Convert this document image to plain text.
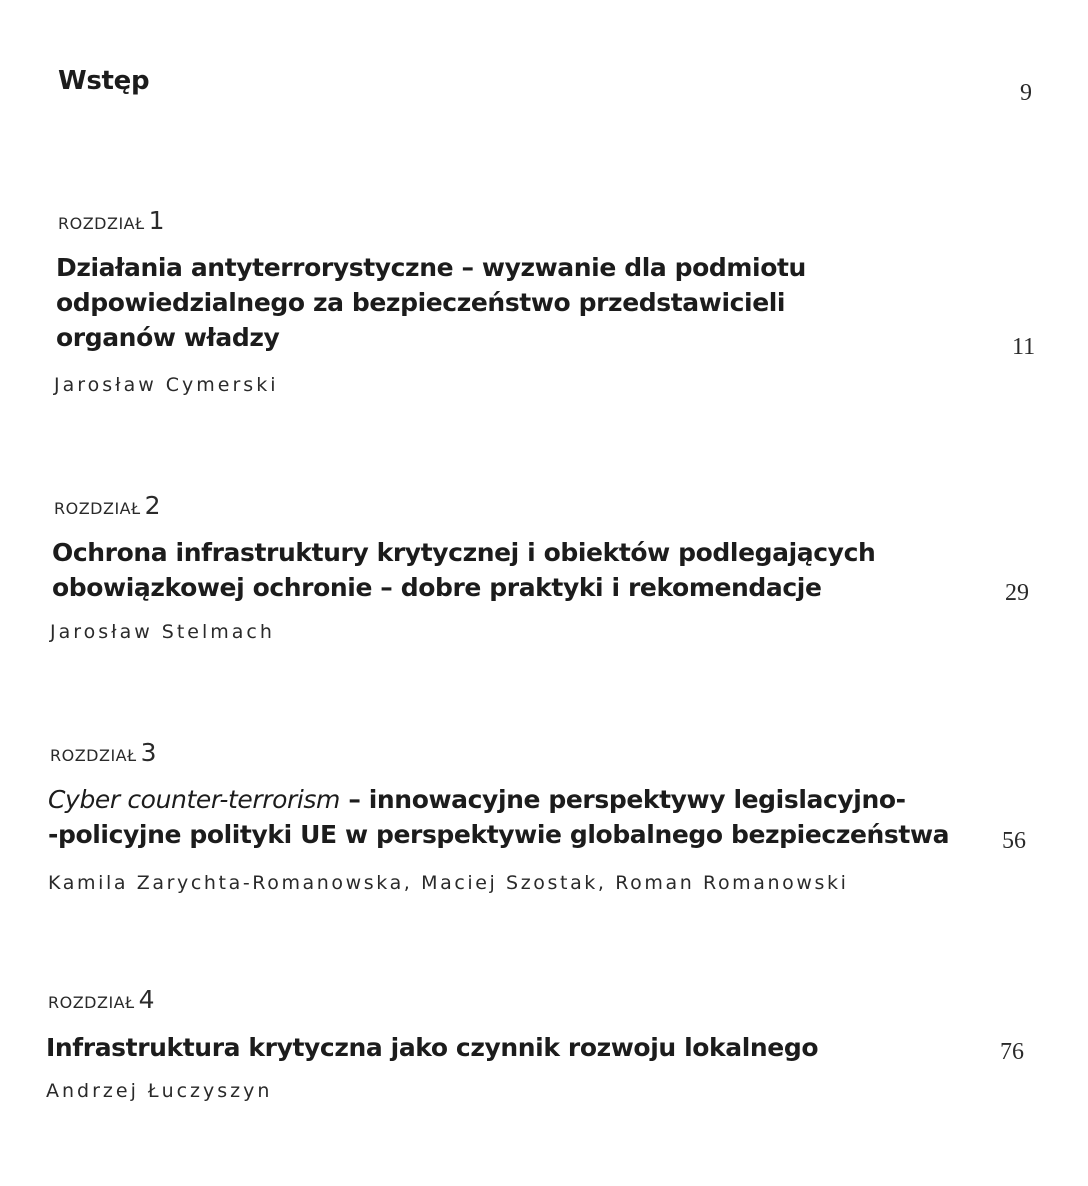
Wstęp	9
ROZDZIAŁ 1
Działania antyterrorystyczne – wyzwanie dla podmiotu
odpowiedzialnego za bezpieczeństwo przedstawicieli
organów władzy	11
Jarosław Cymerski
ROZDZIAŁ 2
Ochrona infrastruktury krytycznej i obiektów podlegających
obowiązkowej ochronie – dobre praktyki i rekomendacje	29
Jarosław Stelmach
ROZDZIAŁ 3
Cyber counter-terrorism – innowacyjne perspektywy legislacyjno-
-policyjne polityki UE w perspektywie globalnego bezpieczeństwa 56
Kamila Zarychta-Romanowska, Maciej Szostak, Roman Romanowski
ROZDZIAŁ 4
Infrastruktura krytyczna jako czynnik rozwoju lokalnego	76
Andrzej Łuczyszyn
